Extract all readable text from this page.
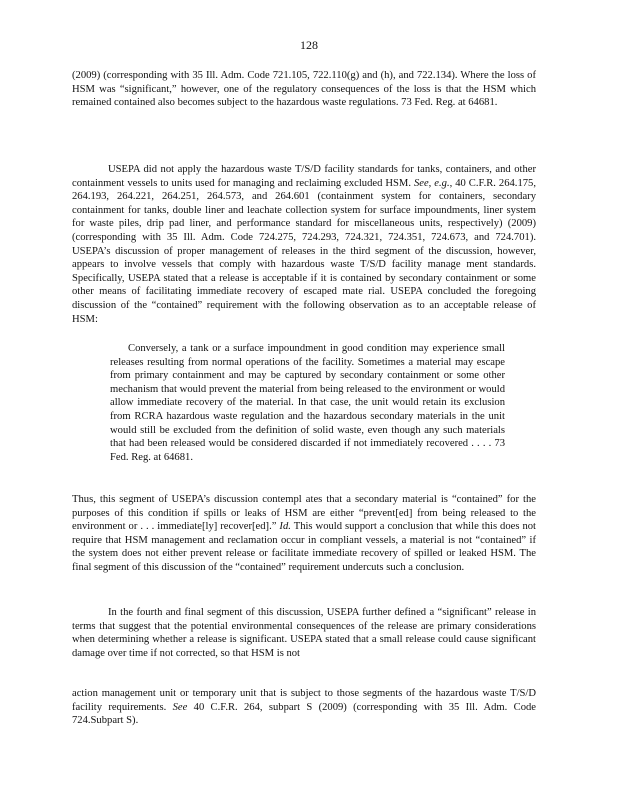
128

(2009) (corresponding with 35 Ill. Adm. Code 721.105, 722.110(g) and (h), and 722.134). Where the loss of HSM was “significant,” however, one of the regulatory consequences of the loss is that the HSM which remained contained also becomes subject to the hazardous waste regulations. 73 Fed. Reg. at 64681.

USEPA did not apply the hazardous waste T/S/D facility standards for tanks, containers, and other containment vessels to units used for managing and reclaiming excluded HSM. See, e.g., 40 C.F.R. 264.175, 264.193, 264.221, 264.251, 264.573, and 264.601 (containment system for containers, secondary containment for tanks, double liner and leachate collection system for surface impoundments, liner system for waste piles, drip pad liner, and performance standard for miscellaneous units, respectively) (2009) (corresponding with 35 Ill. Adm. Code 724.275, 724.293, 724.321, 724.351, 724.673, and 724.701). USEPA’s discussion of proper management of releases in the third segment of the discussion, however, appears to involve vessels that comply with hazardous waste T/S/D facility manage ment standards. Specifically, USEPA stated that a release is acceptable if it is contained by secondary containment or some other means of facilitating immediate recovery of escaped mate rial. USEPA concluded the foregoing discussion of the “contained” requirement with the following observation as to an acceptable release of HSM:

Conversely, a tank or a surface impoundment in good condition may experience small releases resulting from normal operations of the facility. Sometimes a material may escape from primary containment and may be captured by secondary containment or some other mechanism that would prevent the material from being released to the environment or would allow immediate recovery of the material. In that case, the unit would retain its exclusion from RCRA hazardous waste regulation and the hazardous secondary materials in the unit would still be excluded from the definition of solid waste, even though any such materials that had been released would be considered discarded if not immediately recovered . . . . 73 Fed. Reg. at 64681.

Thus, this segment of USEPA’s discussion contempl ates that a secondary material is “contained” for the purposes of this condition if spills or leaks of HSM are either “prevent[ed] from being released to the environment or . . . immediate[ly] recover[ed].” Id. This would support a conclusion that while this does not require that HSM management and reclamation occur in compliant vessels, a material is not “contained” if the system does not either prevent release or facilitate immediate recovery of spilled or leaked HSM. The final segment of this discussion of the “contained” requirement undercuts such a conclusion.

In the fourth and final segment of this discussion, USEPA further defined a “significant” release in terms that suggest that the potential environmental consequences of the release are primary considerations when determining whether a release is significant. USEPA stated that a small release could cause significant damage over time if not corrected, so that HSM is not

action management unit or temporary unit that is subject to those segments of the hazardous waste T/S/D facility requirements. See 40 C.F.R. 264, subpart S (2009) (corresponding with 35 Ill. Adm. Code 724.Subpart S).
